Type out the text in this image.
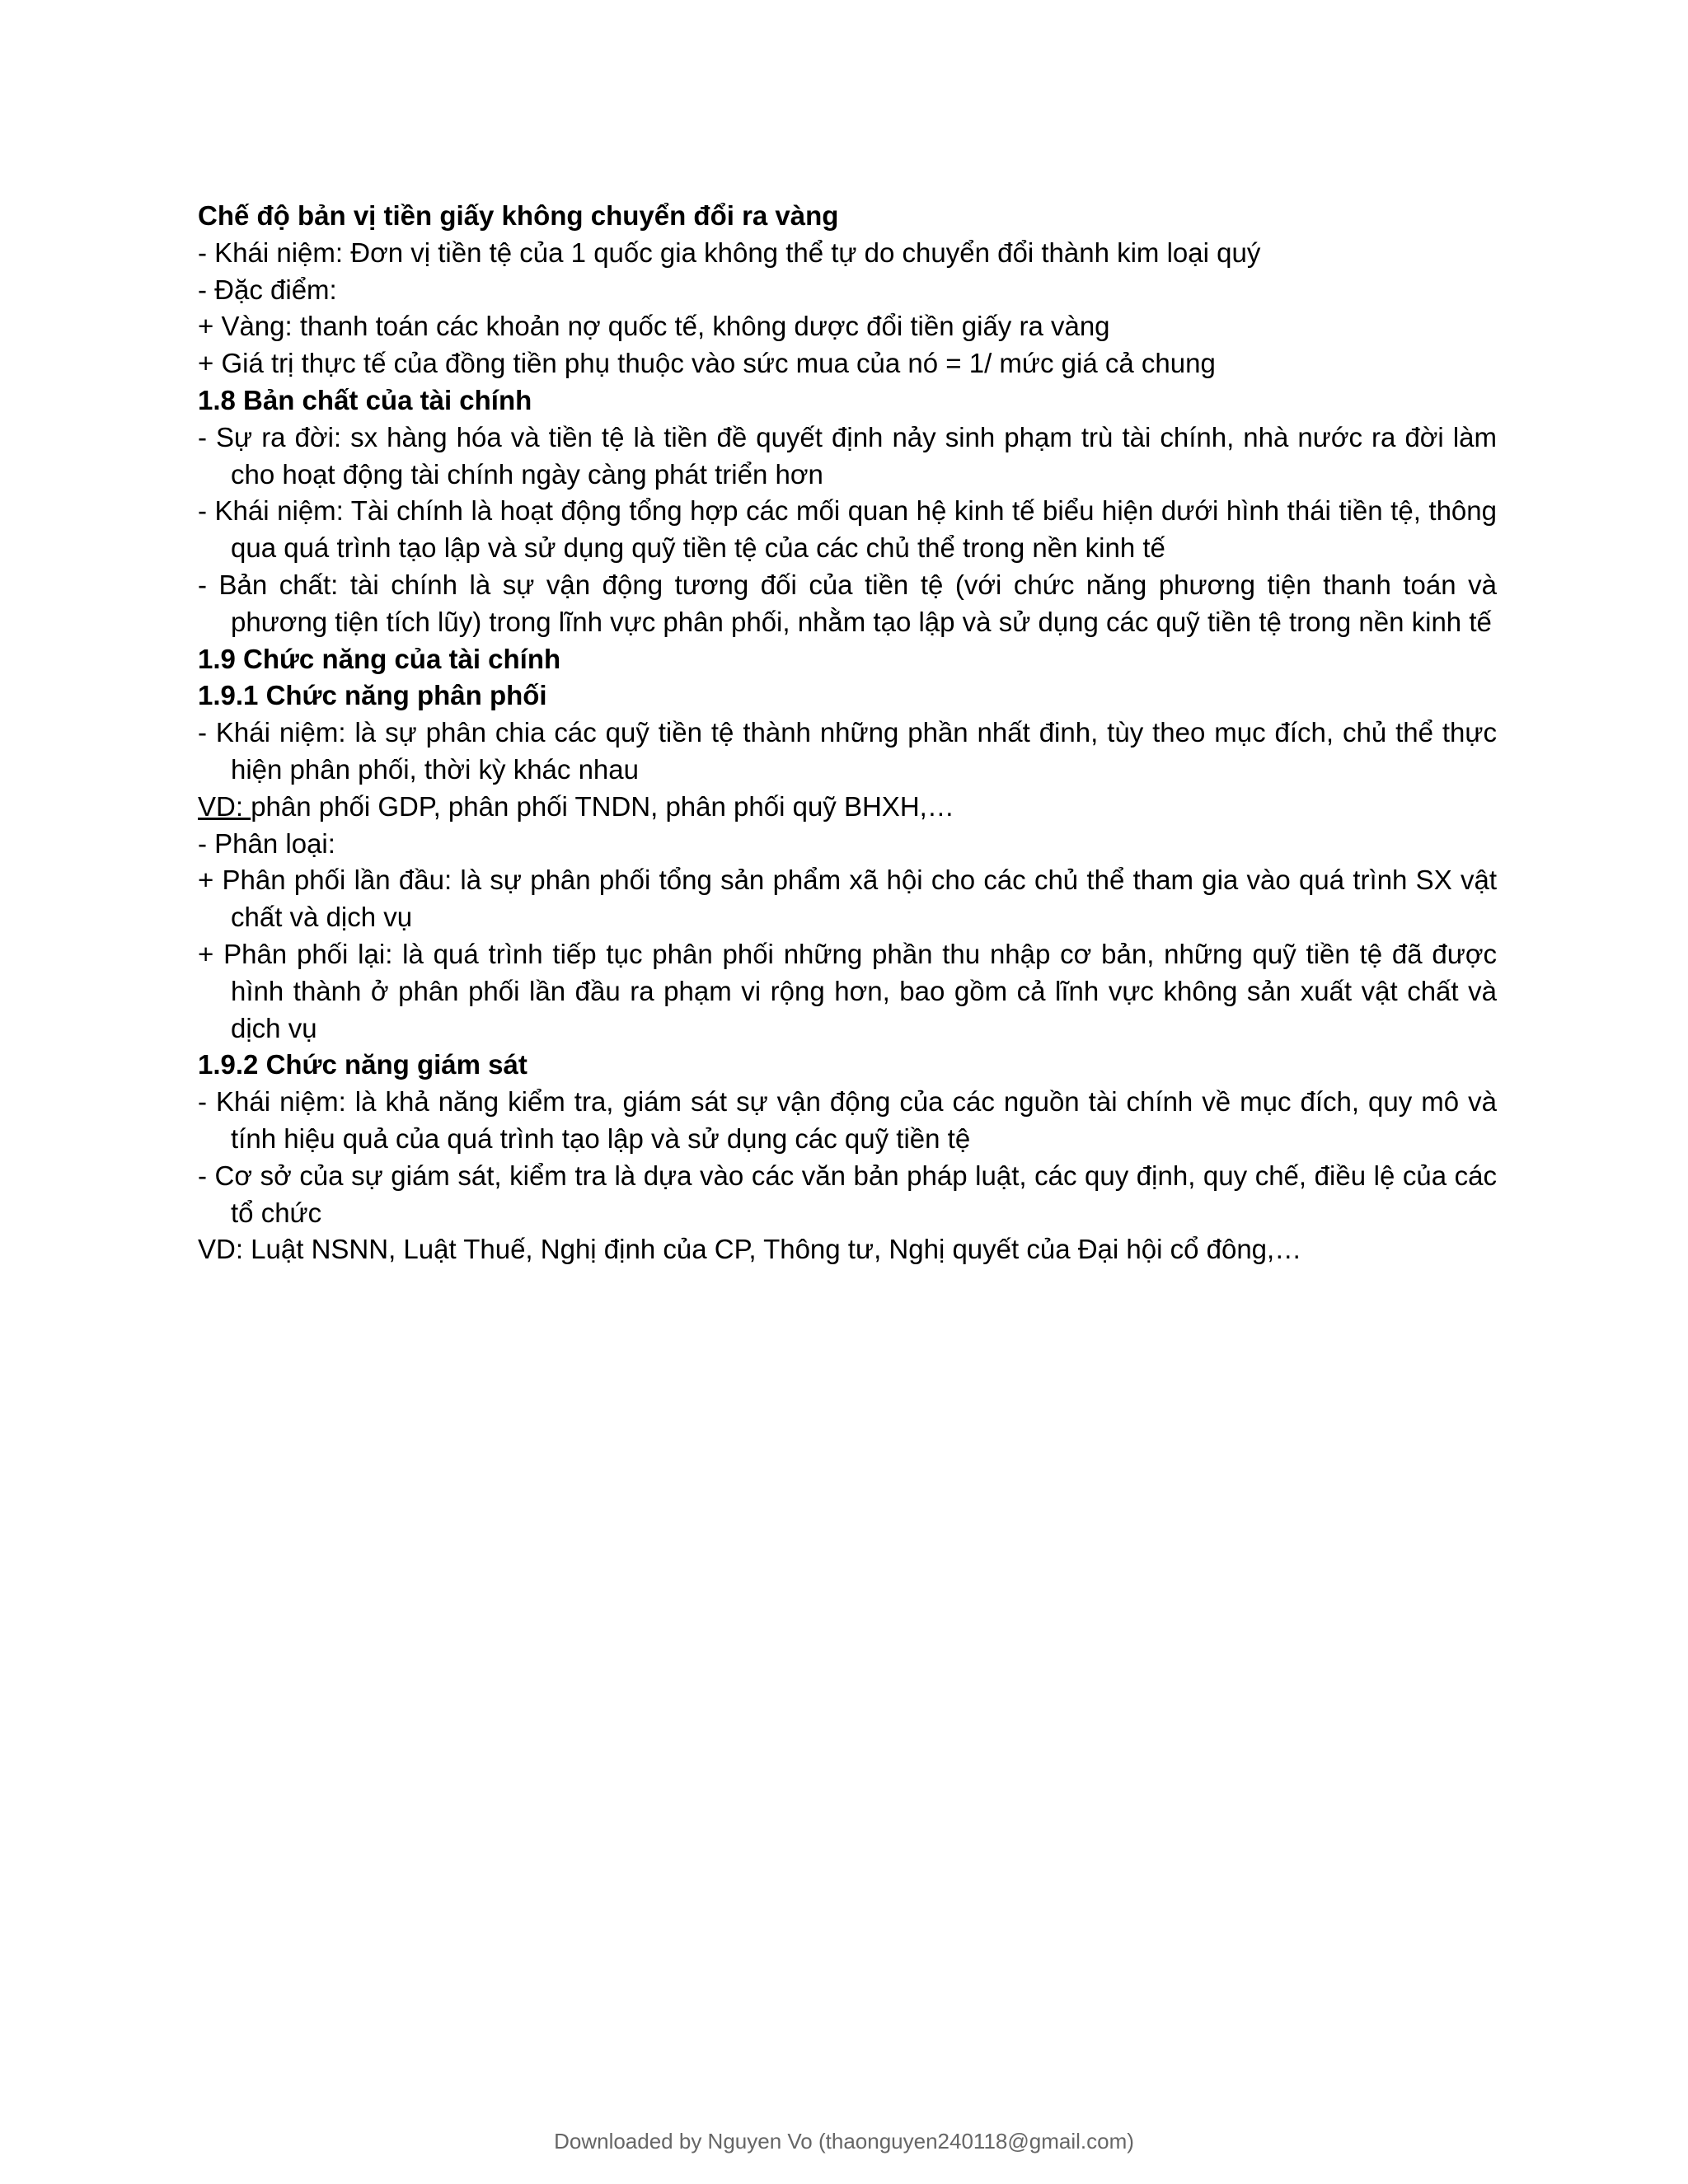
Chế độ bản vị tiền giấy không chuyển đổi ra vàng

- Khái niệm: Đơn vị tiền tệ của 1 quốc gia không thể tự do chuyển đổi thành kim loại quý

- Đặc điểm:

+ Vàng: thanh toán các khoản nợ quốc tế, không dược đổi tiền giấy ra vàng

+ Giá trị thực tế của đồng tiền phụ thuộc vào sức mua của nó = 1/ mức giá cả chung

1.8 Bản chất của tài chính

- Sự ra đời: sx hàng hóa và tiền tệ là tiền đề quyết định nảy sinh phạm trù tài chính, nhà nước ra đời làm cho hoạt động tài chính ngày càng phát triển hơn

- Khái niệm: Tài chính là hoạt động tổng hợp các mối quan hệ kinh tế biểu hiện dưới hình thái tiền tệ, thông qua quá trình tạo lập và sử dụng quỹ tiền tệ của các chủ thể trong nền kinh tế

- Bản chất: tài chính là sự vận động tương đối của tiền tệ (với chức năng phương tiện thanh toán và phương tiện tích lũy) trong lĩnh vực phân phối, nhằm tạo lập và sử dụng các quỹ tiền tệ trong nền kinh tế

1.9 Chức năng của tài chính

1.9.1 Chức năng phân phối

- Khái niệm: là sự phân chia các quỹ tiền tệ thành những phần nhất đinh, tùy theo mục đích, chủ thể thực hiện phân phối, thời kỳ khác nhau

VD: phân phối GDP, phân phối TNDN, phân phối quỹ BHXH,…

- Phân loại:

+ Phân phối lần đầu: là sự phân phối tổng sản phẩm xã hội cho các chủ thể tham gia vào quá trình SX vật chất và dịch vụ

+ Phân phối lại: là quá trình tiếp tục phân phối những phần thu nhập cơ bản, những quỹ tiền tệ đã được hình thành ở phân phối lần đầu ra phạm vi rộng hơn, bao gồm cả lĩnh vực không sản xuất vật chất và dịch vụ

1.9.2 Chức năng giám sát

- Khái niệm: là khả năng kiểm tra, giám sát sự vận động của các nguồn tài chính về mục đích, quy mô và tính hiệu quả của quá trình tạo lập và sử dụng các quỹ tiền tệ

- Cơ sở của sự giám sát, kiểm tra là dựa vào các văn bản pháp luật, các quy định, quy chế, điều lệ của các tổ chức

VD: Luật NSNN, Luật Thuế, Nghị định của CP, Thông tư, Nghị quyết của Đại hội cổ đông,…

Downloaded by Nguyen Vo (thaonguyen240118@gmail.com)
